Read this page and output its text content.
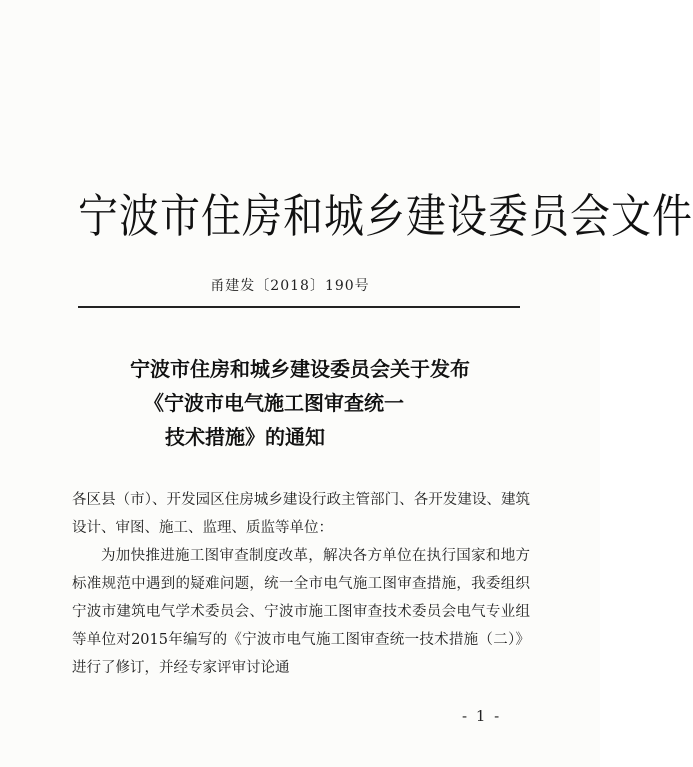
宁波市住房和城乡建设委员会文件
甬建发〔2018〕190号
宁波市住房和城乡建设委员会关于发布
《宁波市电气施工图审查统一
技术措施》的通知

各区县（市）、开发园区住房城乡建设行政主管部门、各开发建设、建筑设计、审图、施工、监理、质监等单位：

为加快推进施工图审查制度改革，解决各方单位在执行国家和地方标准规范中遇到的疑难问题，统一全市电气施工图审查措施，我委组织宁波市建筑电气学术委员会、宁波市施工图审查技术委员会电气专业组等单位对2015年编写的《宁波市电气施工图审查统一技术措施（二）》进行了修订，并经专家评审讨论通

- 1 -
